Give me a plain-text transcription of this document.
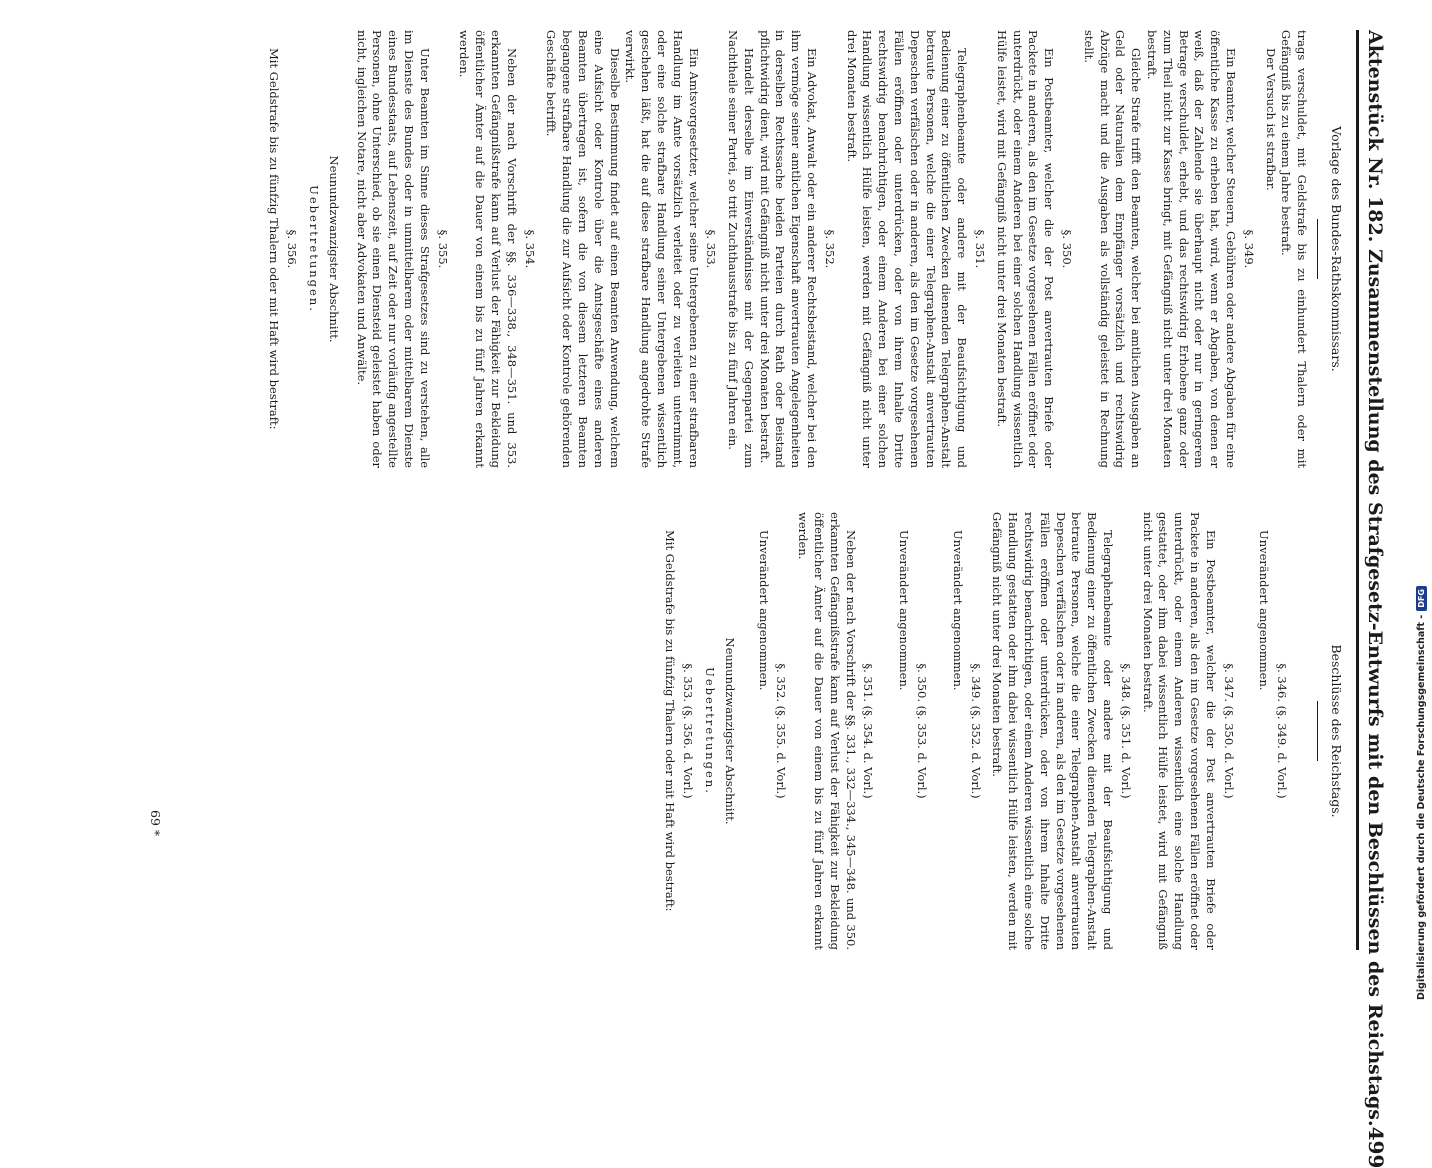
Aktenstück Nr. 182. Zusammenstellung des Strafgesetz-Entwurfs mit den Beschlüssen des Reichstags.
499
Vorlage des Bundes-Rathskommissars.

trags verschuldet, mit Geldstrafe bis zu einhundert Thalern oder mit Gefängniß bis zu einem Jahre bestraft.

Der Versuch ist strafbar.

§. 349.

Ein Beamter, welcher Steuern, Gebühren oder andere Abgaben für eine öffentliche Kasse zu erheben hat, wird, wenn er Abgaben, von denen er weiß, daß der Zahlende sie überhaupt nicht oder nur in geringerem Betrage verschuldet, erhebt, und das rechtswidrig Erhobene ganz oder zum Theil nicht zur Kasse bringt, mit Gefängniß nicht unter drei Monaten bestraft.

Gleiche Strafe trifft den Beamten, welcher bei amtlichen Ausgaben an Geld oder Naturalien dem Empfänger vorsätzlich und rechtswidrig Abzüge macht und die Ausgaben als vollständig geleistet in Rechnung stellt.

§. 350.

Ein Postbeamter, welcher die der Post anvertrauten Briefe oder Packete in anderen, als den im Gesetze vorgesehenen Fällen eröffnet oder unterdrückt, oder einem Anderen bei einer solchen Handlung wissentlich Hülfe leistet, wird mit Gefängniß nicht unter drei Monaten bestraft.

§. 351.

Telegraphenbeamte oder andere mit der Beaufsichtigung und Bedienung einer zu öffentlichen Zwecken dienenden Telegraphen-Anstalt betraute Personen, welche die einer Telegraphen-Anstalt anvertrauten Depeschen verfälschen oder in anderen, als den im Gesetze vorgesehenen Fällen eröffnen oder unterdrücken, oder von ihrem Inhalte Dritte rechtswidrig benachrichtigen, oder einem Anderen bei einer solchen Handlung wissentlich Hülfe leisten, werden mit Gefängniß nicht unter drei Monaten bestraft.

§. 352.

Ein Advokat, Anwalt oder ein anderer Rechtsbeistand, welcher bei den ihm vermöge seiner amtlichen Eigenschaft anvertrauten Angelegenheiten in derselben Rechtssache beiden Parteien durch Rath oder Beistand pflichtwidrig dient, wird mit Gefängniß nicht unter drei Monaten bestraft.

Handelt derselbe im Einverständnisse mit der Gegenpartei zum Nachtheile seiner Partei, so tritt Zuchthausstrafe bis zu fünf Jahren ein.

§. 353.

Ein Amtsvorgesetzter, welcher seine Untergebenen zu einer strafbaren Handlung im Amte vorsätzlich verleitet oder zu verleiten unternimmt, oder eine solche strafbare Handlung seiner Untergebenen wissentlich geschehen läßt, hat die auf diese strafbare Handlung angedrohte Strafe verwirkt.

Dieselbe Bestimmung findet auf einen Beamten Anwendung, welchem eine Aufsicht oder Kontrole über die Amtsgeschäfte eines anderen Beamten übertragen ist, sofern die von diesem letzteren Beamten begangene strafbare Handlung die zur Aufsicht oder Kontrole gehörenden Geschäfte betrifft.

§. 354.

Neben der nach Vorschrift der §§. 336—338., 348—351. und 353. erkannten Gefängnißstrafe kann auf Verlust der Fähigkeit zur Bekleidung öffentlicher Ämter auf die Dauer von einem bis zu fünf Jahren erkannt werden.

§. 355.

Unter Beamten im Sinne dieses Strafgesetzes sind zu verstehen, alle im Dienste des Bundes oder in unmittelbarem oder mittelbarem Dienste eines Bundesstaats, auf Lebenszeit, auf Zeit oder nur vorläufig angestellte Personen, ohne Unterschied, ob sie einen Diensteid geleistet haben oder nicht, ingleichen Notare, nicht aber Advokaten und Anwälte.

Neunundzwanzigster Abschnitt.
Uebertretungen.
§. 356.

Mit Geldstrafe bis zu fünfzig Thalern oder mit Haft wird bestraft:

Beschlüsse des Reichstags.
§. 346. (§. 349. d. Vorl.)

Unverändert angenommen.

§. 347. (§. 350. d. Vorl.)

Ein Postbeamter, welcher die der Post anvertrauten Briefe oder Packete in anderen, als den im Gesetze vorgesehenen Fällen eröffnet oder unterdrückt, oder einem Anderen wissentlich eine solche Handlung gestattet, oder ihm dabei wissentlich Hülfe leistet, wird mit Gefängniß nicht unter drei Monaten bestraft.

§. 348. (§. 351. d. Vorl.)

Telegraphenbeamte oder andere mit der Beaufsichtigung und Bedienung einer zu öffentlichen Zwecken dienenden Telegraphen-Anstalt betraute Personen, welche die einer Telegraphen-Anstalt anvertrauten Depeschen verfälschen oder in anderen, als den im Gesetze vorgesehenen Fällen eröffnen oder unterdrücken, oder von ihrem Inhalte Dritte rechtswidrig benachrichtigen, oder einem Anderen wissentlich eine solche Handlung gestatten oder ihm dabei wissentlich Hülfe leisten, werden mit Gefängniß nicht unter drei Monaten bestraft.

§. 349. (§. 352. d. Vorl.)

Unverändert angenommen.

§. 350. (§. 353. d. Vorl.)

Unverändert angenommen.

§. 351. (§. 354. d. Vorl.)

Neben der nach Vorschrift der §§. 331., 332—334., 345—348. und 350. erkannten Gefängnißstrafe kann auf Verlust der Fähigkeit zur Bekleidung öffentlicher Ämter auf die Dauer von einem bis zu fünf Jahren erkannt werden.

§. 352. (§. 355. d. Vorl.)

Unverändert angenommen.

Neunundzwanzigster Abschnitt.
Uebertretungen.
§. 353. (§. 356. d. Vorl.)

Mit Geldstrafe bis zu fünfzig Thalern oder mit Haft wird bestraft:

69 *	Digitalisierung gefördert durch die Deutsche Forschungsgemeinschaft -
DFG
